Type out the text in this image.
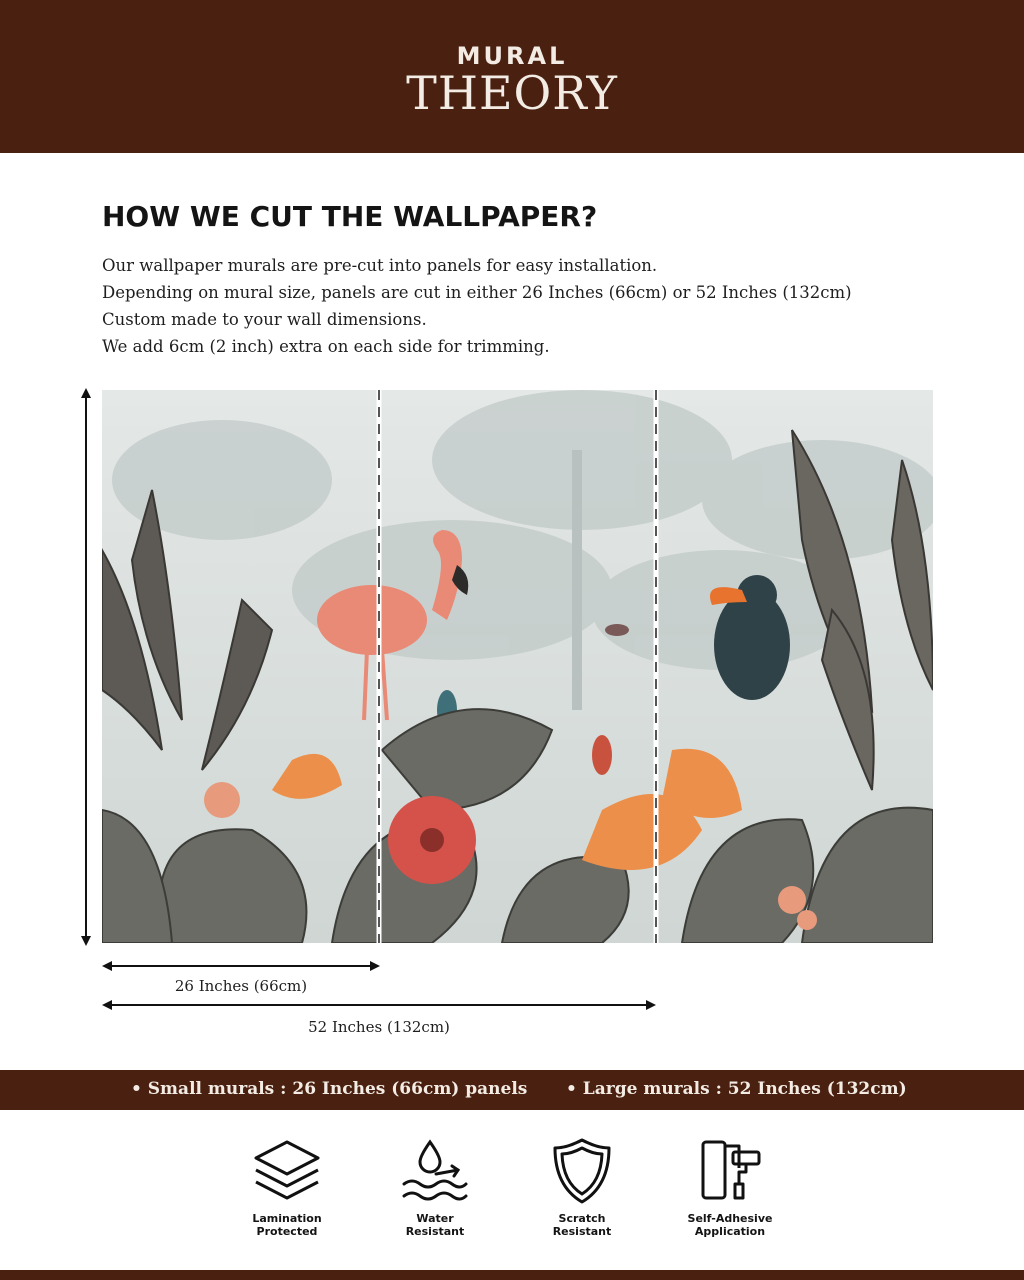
MURAL
THEORY
HOW WE CUT THE WALLPAPER?
Our wallpaper murals are pre-cut into panels for easy installation.
Depending on mural size, panels are cut in either 26 Inches (66cm) or 52 Inches (132cm)
Custom made to your wall dimensions.
We add 6cm (2 inch) extra on each side for trimming.
26 Inches (66cm)
52 Inches (132cm)
• Small murals : 26 Inches (66cm) panels • Large murals : 52 Inches (132cm)
Lamination
Protected
Water
Resistant
Scratch
Resistant
Self-Adhesive
Application
